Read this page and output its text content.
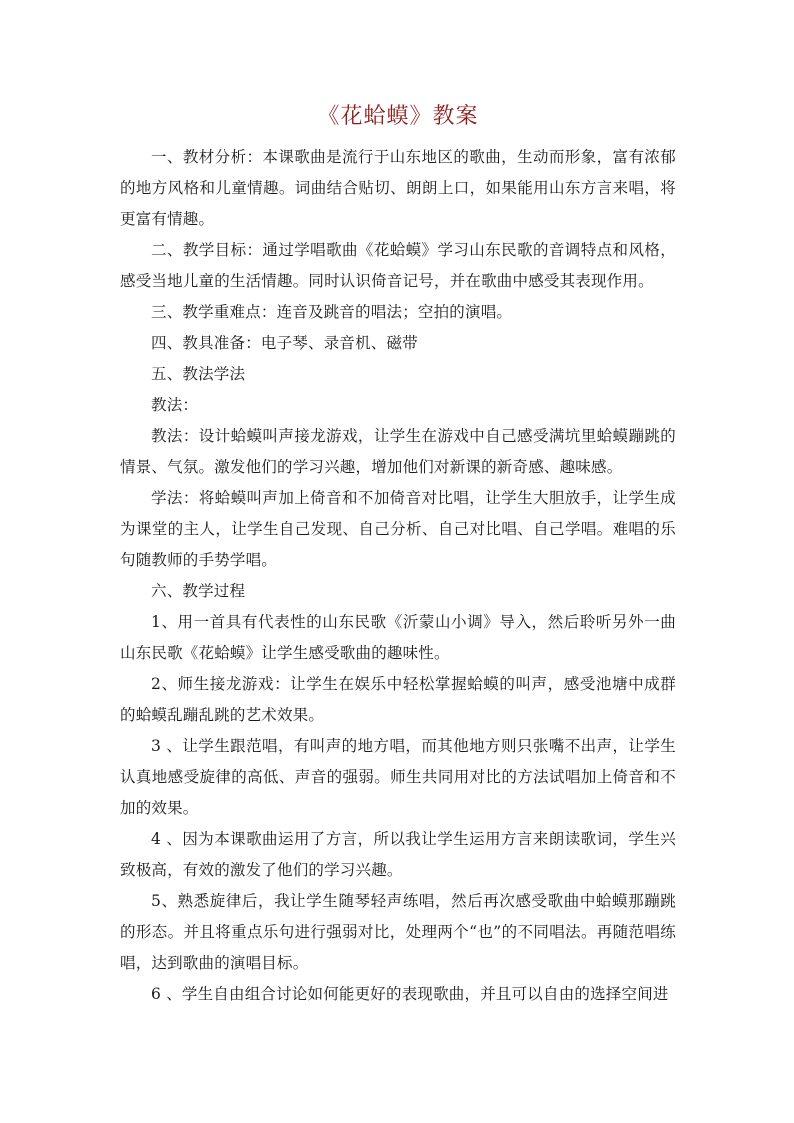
《花蛤蟆》教案

一、教材分析：本课歌曲是流行于山东地区的歌曲，生动而形象，富有浓郁的地方风格和儿童情趣。词曲结合贴切、朗朗上口，如果能用山东方言来唱，将更富有情趣。

二、教学目标：通过学唱歌曲《花蛤蟆》学习山东民歌的音调特点和风格，感受当地儿童的生活情趣。同时认识倚音记号，并在歌曲中感受其表现作用。

三、教学重难点：连音及跳音的唱法；空拍的演唱。

四、教具准备：电子琴、录音机、磁带

五、教法学法

教法：

教法：设计蛤蟆叫声接龙游戏，让学生在游戏中自己感受满坑里蛤蟆蹦跳的情景、气氛。激发他们的学习兴趣，增加他们对新课的新奇感、趣味感。

学法：将蛤蟆叫声加上倚音和不加倚音对比唱，让学生大胆放手，让学生成为课堂的主人，让学生自己发现、自己分析、自己对比唱、自己学唱。难唱的乐句随教师的手势学唱。

六、教学过程

1、用一首具有代表性的山东民歌《沂蒙山小调》导入，然后聆听另外一曲山东民歌《花蛤蟆》让学生感受歌曲的趣味性。

2、师生接龙游戏：让学生在娱乐中轻松掌握蛤蟆的叫声，感受池塘中成群的蛤蟆乱蹦乱跳的艺术效果。

3 、让学生跟范唱，有叫声的地方唱，而其他地方则只张嘴不出声，让学生认真地感受旋律的高低、声音的强弱。师生共同用对比的方法试唱加上倚音和不加的效果。

4 、因为本课歌曲运用了方言，所以我让学生运用方言来朗读歌词，学生兴致极高，有效的激发了他们的学习兴趣。

5、熟悉旋律后，我让学生随琴轻声练唱，然后再次感受歌曲中蛤蟆那蹦跳的形态。并且将重点乐句进行强弱对比，处理两个“也”的不同唱法。再随范唱练唱，达到歌曲的演唱目标。

6 、学生自由组合讨论如何能更好的表现歌曲，并且可以自由的选择空间进
